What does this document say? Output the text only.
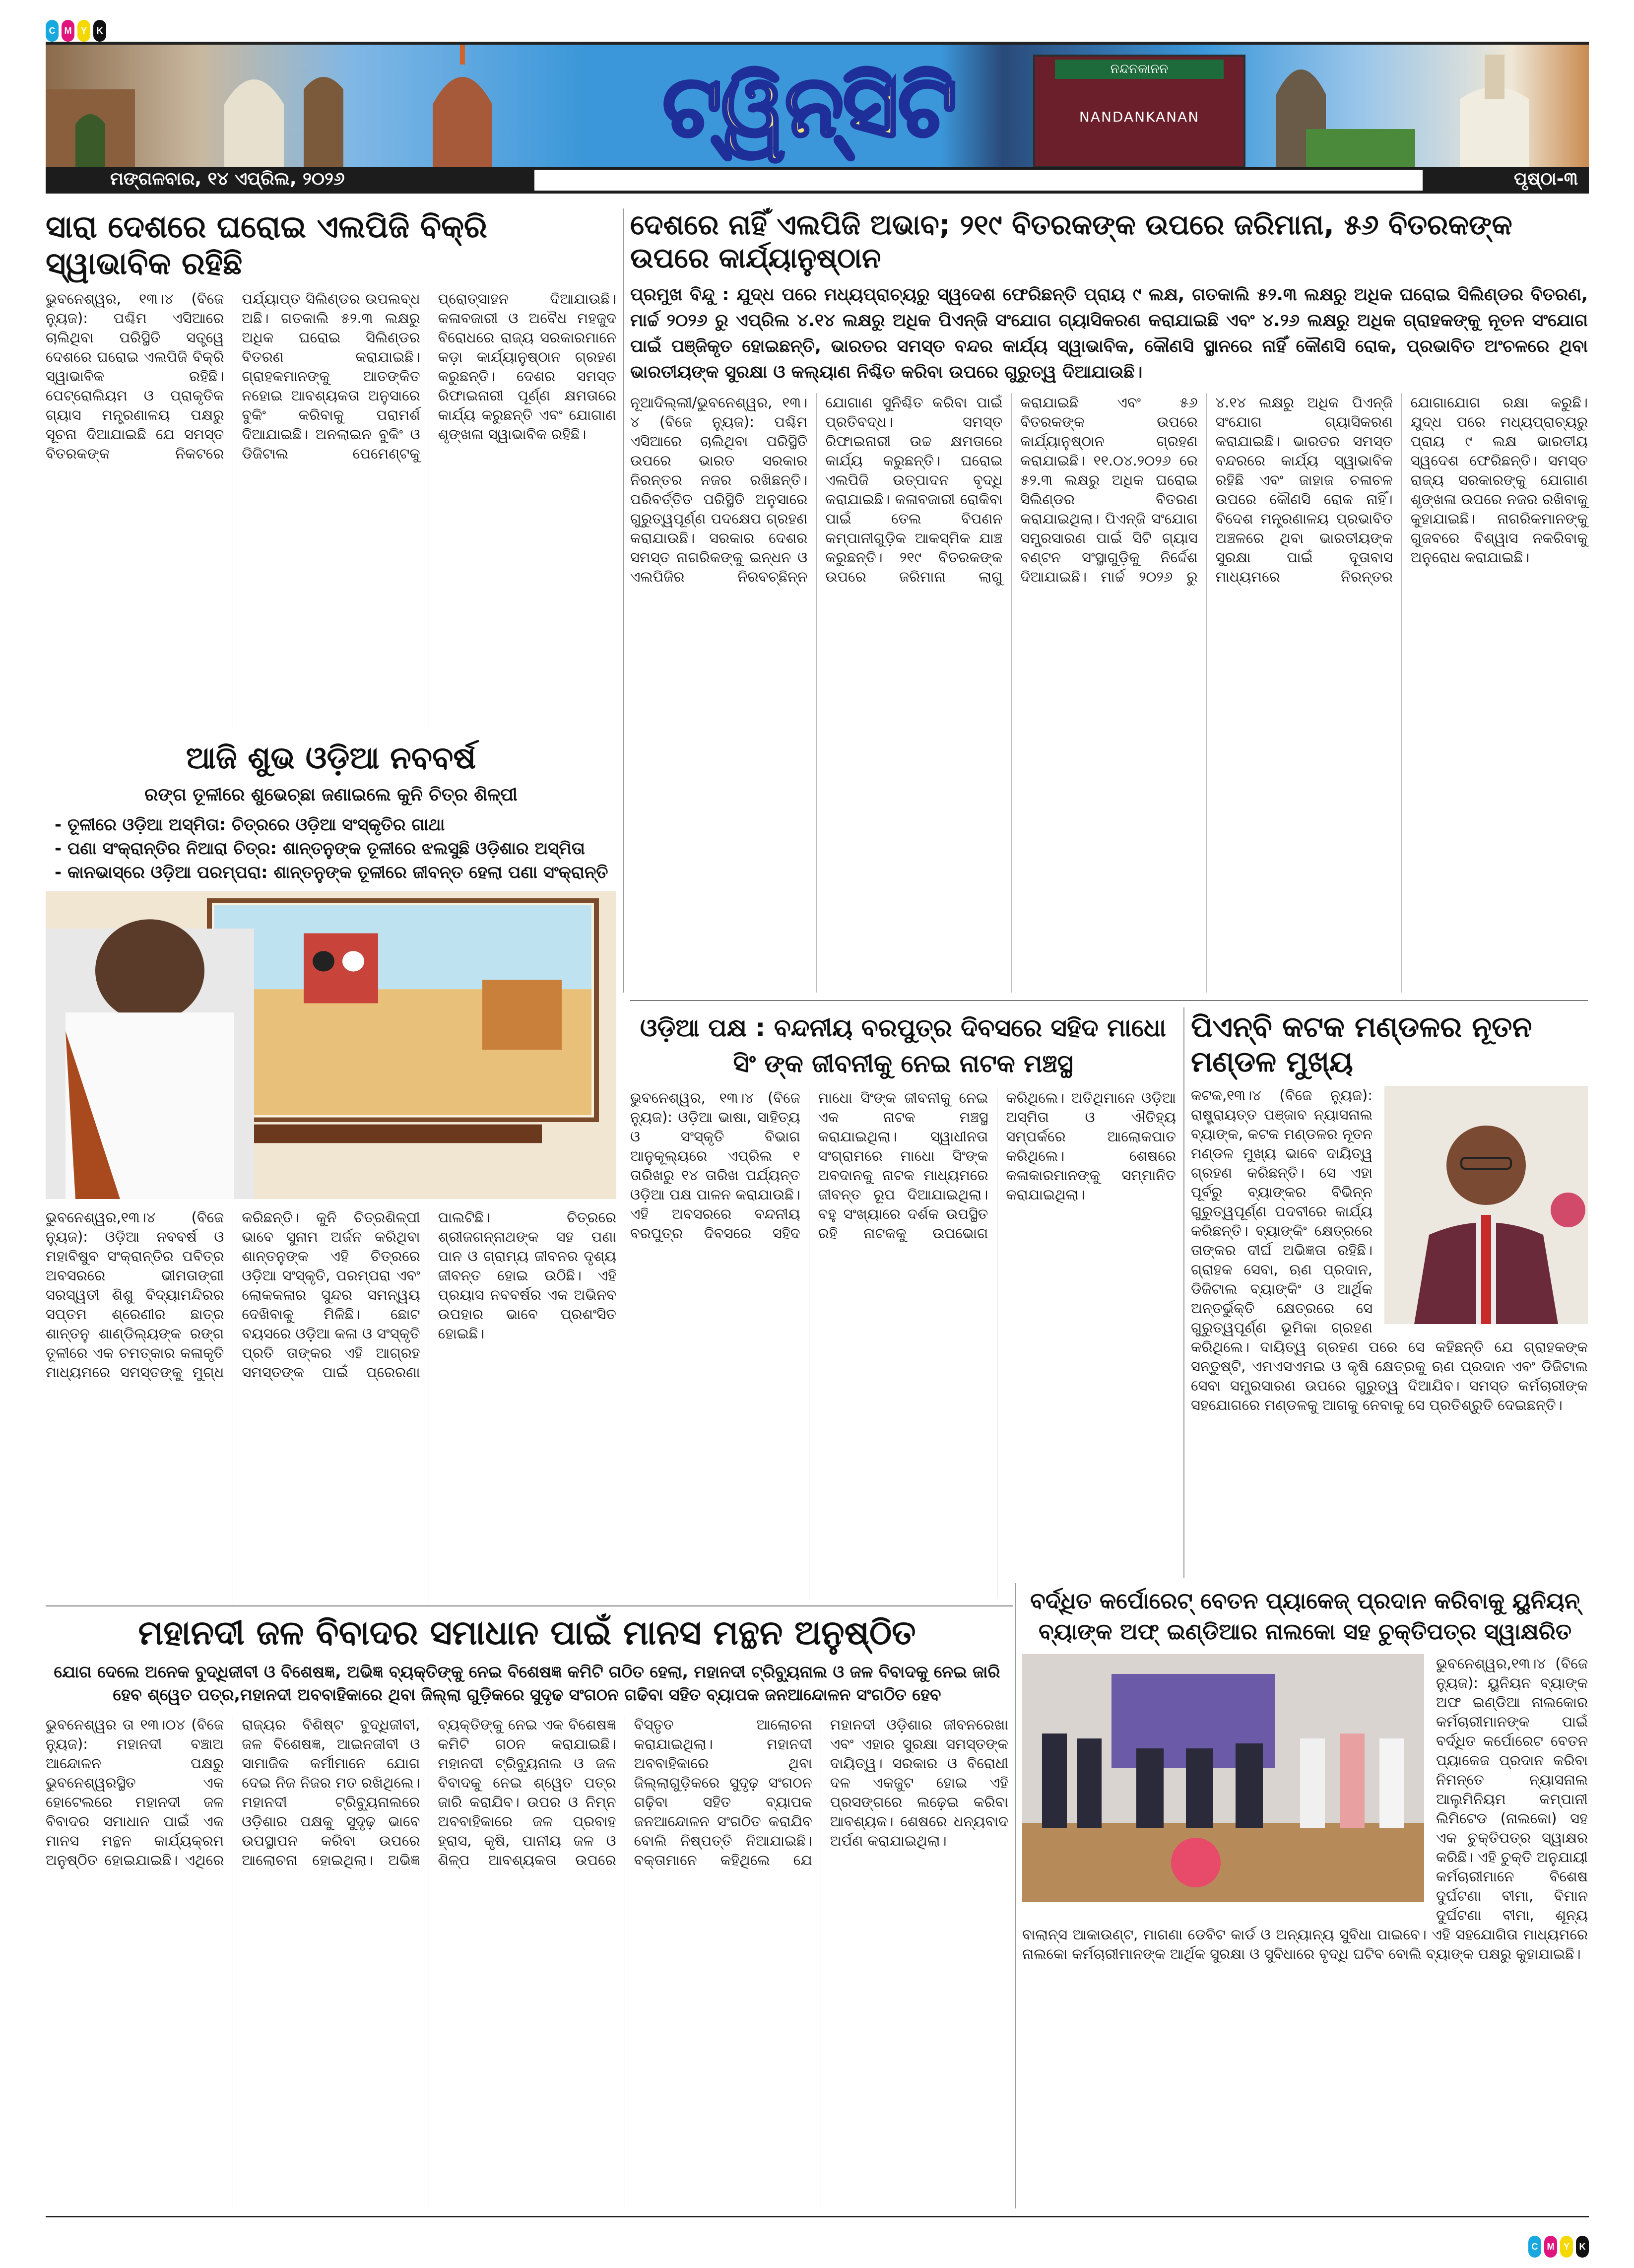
C	M	Y	K
ଟ୍ୱିନ୍‌ସିଟି	ନନ୍ଦନକାନନ
NANDANKANAN
ମଙ୍ଗଳବାର, ୧୪ ଏପ୍ରିଲ, ୨୦୨୬	ପୃଷ୍ଠା-୩
ସାରା ଦେଶରେ ଘରୋଇ ଏଲପିଜି ବିକ୍ରି ସ୍ୱାଭାବିକ ରହିଛି
ଭୁବନେଶ୍ୱର, ୧୩।୪ (ବିଜେ ନ୍ୟୁଜ): ପଶ୍ଚିମ ଏସିଆରେ ଚାଲିଥିବା ପରିସ୍ଥିତି ସତ୍ତ୍ୱେ ଦେଶରେ ଘରୋଇ ଏଲପିଜି ବିକ୍ରି ସ୍ୱାଭାବିକ ରହିଛି। ପେଟ୍ରୋଲିୟମ ଓ ପ୍ରାକୃତିକ ଗ୍ୟାସ ମନ୍ତ୍ରଣାଳୟ ପକ୍ଷରୁ ସୂଚନା ଦିଆଯାଇଛି ଯେ ସମସ୍ତ ବିତରକଙ୍କ ନିକଟରେ ପର୍ଯ୍ୟାପ୍ତ ସିଲିଣ୍ଡର ଉପଲବ୍ଧ ଅଛି। ଗତକାଲି ୫୨.୩ ଲକ୍ଷରୁ ଅଧିକ ଘରୋଇ ସିଲିଣ୍ଡର ବିତରଣ କରାଯାଇଛି। ଗ୍ରାହକମାନଙ୍କୁ ଆତଙ୍କିତ ନହୋଇ ଆବଶ୍ୟକତା ଅନୁସାରେ ବୁକିଂ କରିବାକୁ ପରାମର୍ଶ ଦିଆଯାଇଛି। ଅନଲାଇନ ବୁକିଂ ଓ ଡିଜିଟାଲ ପେମେଣ୍ଟକୁ ପ୍ରୋତ୍ସାହନ ଦିଆଯାଉଛି। କଳାବଜାରୀ ଓ ଅବୈଧ ମହଜୁଦ ବିରୋଧରେ ରାଜ୍ୟ ସରକାରମାନେ କଡ଼ା କାର୍ଯ୍ୟାନୁଷ୍ଠାନ ଗ୍ରହଣ କରୁଛନ୍ତି। ଦେଶର ସମସ୍ତ ରିଫାଇନାରୀ ପୂର୍ଣ୍ଣ କ୍ଷମତାରେ କାର୍ଯ୍ୟ କରୁଛନ୍ତି ଏବଂ ଯୋଗାଣ ଶୃଙ୍ଖଳା ସ୍ୱାଭାବିକ ରହିଛି।
ଦେଶରେ ନାହିଁ ଏଲପିଜି ଅଭାବ; ୨୧୯ ବିତରକଙ୍କ ଉପରେ ଜରିମାନା, ୫୬ ବିତରକଙ୍କ ଉପରେ କାର୍ଯ୍ୟାନୁଷ୍ଠାନ
ପ୍ରମୁଖ ବିନ୍ଦୁ : ଯୁଦ୍ଧ ପରେ ମଧ୍ୟପ୍ରାଚ୍ୟରୁ ସ୍ୱଦେଶ ଫେରିଛନ୍ତି ପ୍ରାୟ ୯ ଲକ୍ଷ, ଗତକାଲି ୫୨.୩ ଲକ୍ଷରୁ ଅଧିକ ଘରୋଇ ସିଲିଣ୍ଡର ବିତରଣ, ମାର୍ଚ୍ଚ ୨୦୨୬ ରୁ ଏପ୍ରିଲ ୪.୧୪ ଲକ୍ଷରୁ ଅଧିକ ପିଏନ୍‌ଜି ସଂଯୋଗ ଗ୍ୟାସିକରଣ କରାଯାଇଛି ଏବଂ ୪.୨୬ ଲକ୍ଷରୁ ଅଧିକ ଗ୍ରାହକଙ୍କୁ ନୂତନ ସଂଯୋଗ ପାଇଁ ପଞ୍ଜିକୃତ ହୋଇଛନ୍ତି, ଭାରତର ସମସ୍ତ ବନ୍ଦର କାର୍ଯ୍ୟ ସ୍ୱାଭାବିକ, କୌଣସି ସ୍ଥାନରେ ନାହିଁ କୌଣସି ରୋକ, ପ୍ରଭାବିତ ଅଂଚଳରେ ଥିବା ଭାରତୀୟଙ୍କ ସୁରକ୍ଷା ଓ କଲ୍ୟାଣ ନିଶ୍ଚିତ କରିବା ଉପରେ ଗୁରୁତ୍ୱ ଦିଆଯାଉଛି।
ନୂଆଦିଲ୍ଲୀ/ଭୁବନେଶ୍ୱର, ୧୩।୪ (ବିଜେ ନ୍ୟୁଜ): ପଶ୍ଚିମ ଏସିଆରେ ଚାଲିଥିବା ପରିସ୍ଥିତି ଉପରେ ଭାରତ ସରକାର ନିରନ୍ତର ନଜର ରଖିଛନ୍ତି। ପରିବର୍ତ୍ତିତ ପରିସ୍ଥିତି ଅନୁସାରେ ଗୁରୁତ୍ୱପୂର୍ଣ୍ଣ ପଦକ୍ଷେପ ଗ୍ରହଣ କରାଯାଉଛି। ସରକାର ଦେଶର ସମସ୍ତ ନାଗରିକଙ୍କୁ ଇନ୍ଧନ ଓ ଏଲପିଜିର ନିରବଚ୍ଛିନ୍ନ ଯୋଗାଣ ସୁନିଶ୍ଚିତ କରିବା ପାଇଁ ପ୍ରତିବଦ୍ଧ। ସମସ୍ତ ରିଫାଇନାରୀ ଉଚ୍ଚ କ୍ଷମତାରେ କାର୍ଯ୍ୟ କରୁଛନ୍ତି। ଘରୋଇ ଏଲପିଜି ଉତ୍ପାଦନ ବୃଦ୍ଧି କରାଯାଇଛି। କଳାବଜାରୀ ରୋକିବା ପାଇଁ ତେଲ ବିପଣନ କମ୍ପାନୀଗୁଡ଼ିକ ଆକସ୍ମିକ ଯାଞ୍ଚ କରୁଛନ୍ତି। ୨୧୯ ବିତରକଙ୍କ ଉପରେ ଜରିମାନା ଲାଗୁ କରାଯାଇଛି ଏବଂ ୫୬ ବିତରକଙ୍କ ଉପରେ କାର୍ଯ୍ୟାନୁଷ୍ଠାନ ଗ୍ରହଣ କରାଯାଇଛି। ୧୧.୦୪.୨୦୨୬ ରେ ୫୨.୩ ଲକ୍ଷରୁ ଅଧିକ ଘରୋଇ ସିଲିଣ୍ଡର ବିତରଣ କରାଯାଇଥିଲା। ପିଏନ୍‌ଜି ସଂଯୋଗ ସମ୍ପ୍ରସାରଣ ପାଇଁ ସିଟି ଗ୍ୟାସ ବଣ୍ଟନ ସଂସ୍ଥାଗୁଡ଼ିକୁ ନିର୍ଦ୍ଦେଶ ଦିଆଯାଇଛି। ମାର୍ଚ୍ଚ ୨୦୨୬ ରୁ ୪.୧୪ ଲକ୍ଷରୁ ଅଧିକ ପିଏନ୍‌ଜି ସଂଯୋଗ ଗ୍ୟାସିକରଣ କରାଯାଇଛି। ଭାରତର ସମସ୍ତ ବନ୍ଦରରେ କାର୍ଯ୍ୟ ସ୍ୱାଭାବିକ ରହିଛି ଏବଂ ଜାହାଜ ଚଳାଚଳ ଉପରେ କୌଣସି ରୋକ ନାହିଁ। ବିଦେଶ ମନ୍ତ୍ରଣାଳୟ ପ୍ରଭାବିତ ଅଞ୍ଚଳରେ ଥିବା ଭାରତୀୟଙ୍କ ସୁରକ୍ଷା ପାଇଁ ଦୂତାବାସ ମାଧ୍ୟମରେ ନିରନ୍ତର ଯୋଗାଯୋଗ ରକ୍ଷା କରୁଛି। ଯୁଦ୍ଧ ପରେ ମଧ୍ୟପ୍ରାଚ୍ୟରୁ ପ୍ରାୟ ୯ ଲକ୍ଷ ଭାରତୀୟ ସ୍ୱଦେଶ ଫେରିଛନ୍ତି। ସମସ୍ତ ରାଜ୍ୟ ସରକାରଙ୍କୁ ଯୋଗାଣ ଶୃଙ୍ଖଳା ଉପରେ ନଜର ରଖିବାକୁ କୁହାଯାଇଛି। ନାଗରିକମାନଙ୍କୁ ଗୁଜବରେ ବିଶ୍ୱାସ ନକରିବାକୁ ଅନୁରୋଧ କରାଯାଇଛି।
ଆଜି ଶୁଭ ଓଡ଼ିଆ ନବବର୍ଷ
ରଙ୍ଗ ତୂଳୀରେ ଶୁଭେଚ୍ଛା ଜଣାଇଲେ କୁନି ଚିତ୍ର ଶିଳ୍ପୀ
- ତୂଳୀରେ ଓଡ଼ିଆ ଅସ୍ମିତା: ଚିତ୍ରରେ ଓଡ଼ିଆ ସଂସ୍କୃତିର ଗାଥା
- ପଣା ସଂକ୍ରାନ୍ତିର ନିଆରା ଚିତ୍ର: ଶାନ୍ତନୁଙ୍କ ତୂଳୀରେ ଝଲସୁଛି ଓଡ଼ିଶାର ଅସ୍ମିତା
- କାନଭାସ୍‌ରେ ଓଡ଼ିଆ ପରମ୍ପରା: ଶାନ୍ତନୁଙ୍କ ତୂଳୀରେ ଜୀବନ୍ତ ହେଲା ପଣା ସଂକ୍ରାନ୍ତି
ଭୁବନେଶ୍ୱର,୧୩।୪ (ବିଜେ ନ୍ୟୁଜ): ଓଡ଼ିଆ ନବବର୍ଷ ଓ ମହାବିଷୁବ ସଂକ୍ରାନ୍ତିର ପବିତ୍ର ଅବସରରେ ଭୀମତାଙ୍ଗୀ ସରସ୍ୱତୀ ଶିଶୁ ବିଦ୍ୟାମନ୍ଦିରର ସପ୍ତମ ଶ୍ରେଣୀର ଛାତ୍ର ଶାନ୍ତନୁ ଶାଣ୍ଡିଲ୍ୟଙ୍କ ରଙ୍ଗ ତୂଳୀରେ ଏକ ଚମତ୍କାର କଳାକୃତି ମାଧ୍ୟମରେ ସମସ୍ତଙ୍କୁ ମୁଗ୍ଧ କରିଛନ୍ତି। କୁନି ଚିତ୍ରଶିଳ୍ପୀ ଭାବେ ସୁନାମ ଅର୍ଜନ କରିଥିବା ଶାନ୍ତନୁଙ୍କ ଏହି ଚିତ୍ରରେ ଓଡ଼ିଆ ସଂସ୍କୃତି, ପରମ୍ପରା ଏବଂ ଲୋକକଳାର ସୁନ୍ଦର ସମନ୍ୱୟ ଦେଖିବାକୁ ମିଳିଛି। ଛୋଟ ବୟସରେ ଓଡ଼ିଆ କଳା ଓ ସଂସ୍କୃତି ପ୍ରତି ତାଙ୍କର ଏହି ଆଗ୍ରହ ସମସ୍ତଙ୍କ ପାଇଁ ପ୍ରେରଣା ପାଲଟିଛି। ଚିତ୍ରରେ ଶ୍ରୀଜଗନ୍ନାଥଙ୍କ ସହ ପଣା ପାନ ଓ ଗ୍ରାମ୍ୟ ଜୀବନର ଦୃଶ୍ୟ ଜୀବନ୍ତ ହୋଇ ଉଠିଛି। ଏହି ପ୍ରୟାସ ନବବର୍ଷର ଏକ ଅଭିନବ ଉପହାର ଭାବେ ପ୍ରଶଂସିତ ହୋଇଛି।
ଓଡ଼ିଆ ପକ୍ଷ : ବନ୍ଦନୀୟ ବରପୁତ୍ର ଦିବସରେ ସହିଦ ମାଧୋ ସିଂ ଙ୍କ ଜୀବନୀକୁ ନେଇ ନାଟକ ମଞ୍ଚସ୍ଥ
ଭୁବନେଶ୍ୱର, ୧୩।୪ (ବିଜେ ନ୍ୟୁଜ): ଓଡ଼ିଆ ଭାଷା, ସାହିତ୍ୟ ଓ ସଂସ୍କୃତି ବିଭାଗ ଆନୁକୂଲ୍ୟରେ ଏପ୍ରିଲ ୧ ତାରିଖରୁ ୧୪ ତାରିଖ ପର୍ଯ୍ୟନ୍ତ ଓଡ଼ିଆ ପକ୍ଷ ପାଳନ କରାଯାଉଛି। ଏହି ଅବସରରେ ବନ୍ଦନୀୟ ବରପୁତ୍ର ଦିବସରେ ସହିଦ ମାଧୋ ସିଂଙ୍କ ଜୀବନୀକୁ ନେଇ ଏକ ନାଟକ ମଞ୍ଚସ୍ଥ କରାଯାଇଥିଲା। ସ୍ୱାଧୀନତା ସଂଗ୍ରାମରେ ମାଧୋ ସିଂଙ୍କ ଅବଦାନକୁ ନାଟକ ମାଧ୍ୟମରେ ଜୀବନ୍ତ ରୂପ ଦିଆଯାଇଥିଲା। ବହୁ ସଂଖ୍ୟାରେ ଦର୍ଶକ ଉପସ୍ଥିତ ରହି ନାଟକକୁ ଉପଭୋଗ କରିଥିଲେ। ଅତିଥିମାନେ ଓଡ଼ିଆ ଅସ୍ମିତା ଓ ଐତିହ୍ୟ ସମ୍ପର୍କରେ ଆଲୋକପାତ କରିଥିଲେ। ଶେଷରେ କଳାକାରମାନଙ୍କୁ ସମ୍ମାନିତ କରାଯାଇଥିଲା।
ପିଏନ୍‌ବି କଟକ ମଣ୍ଡଳର ନୂତନ ମଣ୍ଡଳ ମୁଖ୍ୟ
କଟକ,୧୩।୪ (ବିଜେ ନ୍ୟୁଜ): ରାଷ୍ଟ୍ରାୟତ୍ତ ପଞ୍ଜାବ ନ୍ୟାସନାଲ ବ୍ୟାଙ୍କ, କଟକ ମଣ୍ଡଳର ନୂତନ ମଣ୍ଡଳ ମୁଖ୍ୟ ଭାବେ ଦାୟିତ୍ୱ ଗ୍ରହଣ କରିଛନ୍ତି। ସେ ଏହା ପୂର୍ବରୁ ବ୍ୟାଙ୍କର ବିଭିନ୍ନ ଗୁରୁତ୍ୱପୂର୍ଣ୍ଣ ପଦବୀରେ କାର୍ଯ୍ୟ କରିଛନ୍ତି। ବ୍ୟାଙ୍କିଂ କ୍ଷେତ୍ରରେ ତାଙ୍କର ଦୀର୍ଘ ଅଭିଜ୍ଞତା ରହିଛି। ଗ୍ରାହକ ସେବା, ଋଣ ପ୍ରଦାନ, ଡିଜିଟାଲ ବ୍ୟାଙ୍କିଂ ଓ ଆର୍ଥିକ ଅନ୍ତର୍ଭୁକ୍ତି କ୍ଷେତ୍ରରେ ସେ ଗୁରୁତ୍ୱପୂର୍ଣ୍ଣ ଭୂମିକା ଗ୍ରହଣ କରିଥିଲେ। ଦାୟିତ୍ୱ ଗ୍ରହଣ ପରେ ସେ କହିଛନ୍ତି ଯେ ଗ୍ରାହକଙ୍କ ସନ୍ତୁଷ୍ଟି, ଏମଏସଏମଇ ଓ କୃଷି କ୍ଷେତ୍ରକୁ ଋଣ ପ୍ରଦାନ ଏବଂ ଡିଜିଟାଲ ସେବା ସମ୍ପ୍ରସାରଣ ଉପରେ ଗୁରୁତ୍ୱ ଦିଆଯିବ। ସମସ୍ତ କର୍ମଚାରୀଙ୍କ ସହଯୋଗରେ ମଣ୍ଡଳକୁ ଆଗକୁ ନେବାକୁ ସେ ପ୍ରତିଶ୍ରୁତି ଦେଇଛନ୍ତି।
ମହାନଦୀ ଜଳ ବିବାଦର ସମାଧାନ ପାଇଁ ମାନସ ମନ୍ଥନ ଅନୁଷ୍ଠିତ
ଯୋଗ ଦେଲେ ଅନେକ ବୁଦ୍ଧିଜୀବୀ ଓ ବିଶେଷଜ୍ଞ, ଅଭିଜ୍ଞ ବ୍ୟକ୍ତିଙ୍କୁ ନେଇ ବିଶେଷଜ୍ଞ କମିଟି ଗଠିତ ହେଲା, ମହାନଦୀ ଟ୍ରିବ୍ୟୁନାଲ ଓ ଜଳ ବିବାଦକୁ ନେଇ ଜାରି ହେବ ଶ୍ୱେତ ପତ୍ର,ମହାନଦୀ ଅବବାହିକାରେ ଥିବା ଜିଲ୍ଲା ଗୁଡ଼ିକରେ ସୁଦୃଢ ସଂଗଠନ ଗଢିବା ସହିତ ବ୍ୟାପକ ଜନଆନ୍ଦୋଳନ ସଂଗଠିତ ହେବ
ଭୁବନେଶ୍ୱର ତା ୧୩।୦୪ (ବିଜେ ନ୍ୟୁଜ): ମହାନଦୀ ବଞ୍ଚାଅ ଆନ୍ଦୋଳନ ପକ୍ଷରୁ ଭୁବନେଶ୍ୱରସ୍ଥିତ ଏକ ହୋଟେଲରେ ମହାନଦୀ ଜଳ ବିବାଦର ସମାଧାନ ପାଇଁ ଏକ ମାନସ ମନ୍ଥନ କାର୍ଯ୍ୟକ୍ରମ ଅନୁଷ୍ଠିତ ହୋଇଯାଇଛି। ଏଥିରେ ରାଜ୍ୟର ବିଶିଷ୍ଟ ବୁଦ୍ଧିଜୀବୀ, ଜଳ ବିଶେଷଜ୍ଞ, ଆଇନଜୀବୀ ଓ ସାମାଜିକ କର୍ମୀମାନେ ଯୋଗ ଦେଇ ନିଜ ନିଜର ମତ ରଖିଥିଲେ। ମହାନଦୀ ଟ୍ରିବ୍ୟୁନାଲରେ ଓଡ଼ିଶାର ପକ୍ଷକୁ ସୁଦୃଢ଼ ଭାବେ ଉପସ୍ଥାପନ କରିବା ଉପରେ ଆଲୋଚନା ହୋଇଥିଲା। ଅଭିଜ୍ଞ ବ୍ୟକ୍ତିଙ୍କୁ ନେଇ ଏକ ବିଶେଷଜ୍ଞ କମିଟି ଗଠନ କରାଯାଇଛି। ମହାନଦୀ ଟ୍ରିବ୍ୟୁନାଲ ଓ ଜଳ ବିବାଦକୁ ନେଇ ଶ୍ୱେତ ପତ୍ର ଜାରି କରାଯିବ। ଉପର ଓ ନିମ୍ନ ଅବବାହିକାରେ ଜଳ ପ୍ରବାହ ହ୍ରାସ, କୃଷି, ପାନୀୟ ଜଳ ଓ ଶିଳ୍ପ ଆବଶ୍ୟକତା ଉପରେ ବିସ୍ତୃତ ଆଲୋଚନା କରାଯାଇଥିଲା। ମହାନଦୀ ଅବବାହିକାରେ ଥିବା ଜିଲ୍ଲାଗୁଡ଼ିକରେ ସୁଦୃଢ଼ ସଂଗଠନ ଗଢ଼ିବା ସହିତ ବ୍ୟାପକ ଜନଆନ୍ଦୋଳନ ସଂଗଠିତ କରାଯିବ ବୋଲି ନିଷ୍ପତ୍ତି ନିଆଯାଇଛି। ବକ୍ତାମାନେ କହିଥିଲେ ଯେ ମହାନଦୀ ଓଡ଼ିଶାର ଜୀବନରେଖା ଏବଂ ଏହାର ସୁରକ୍ଷା ସମସ୍ତଙ୍କ ଦାୟିତ୍ୱ। ସରକାର ଓ ବିରୋଧୀ ଦଳ ଏକଜୁଟ ହୋଇ ଏହି ପ୍ରସଙ୍ଗରେ ଲଢ଼େଇ କରିବା ଆବଶ୍ୟକ। ଶେଷରେ ଧନ୍ୟବାଦ ଅର୍ପଣ କରାଯାଇଥିଲା।
ବର୍ଦ୍ଧିତ କର୍ପୋରେଟ୍ ବେତନ ପ୍ୟାକେଜ୍ ପ୍ରଦାନ କରିବାକୁ ୟୁନିୟନ୍ ବ୍ୟାଙ୍କ ଅଫ୍ ଇଣ୍ଡିଆର ନାଲକୋ ସହ ଚୁକ୍ତିପତ୍ର ସ୍ୱାକ୍ଷରିତ
ଭୁବନେଶ୍ୱର,୧୩।୪ (ବିଜେ ନ୍ୟୁଜ): ୟୁନିୟନ ବ୍ୟାଙ୍କ ଅଫ ଇଣ୍ଡିଆ ନାଲକୋର କର୍ମଚାରୀମାନଙ୍କ ପାଇଁ ବର୍ଦ୍ଧିତ କର୍ପୋରେଟ ବେତନ ପ୍ୟାକେଜ ପ୍ରଦାନ କରିବା ନିମନ୍ତେ ନ୍ୟାସନାଲ ଆଲୁମିନିୟମ କମ୍ପାନୀ ଲିମିଟେଡ (ନାଲକୋ) ସହ ଏକ ଚୁକ୍ତିପତ୍ର ସ୍ୱାକ୍ଷର କରିଛି। ଏହି ଚୁକ୍ତି ଅନୁଯାୟୀ କର୍ମଚାରୀମାନେ ବିଶେଷ ଦୁର୍ଘଟଣା ବୀମା, ବିମାନ ଦୁର୍ଘଟଣା ବୀମା, ଶୂନ୍ୟ ବାଲାନ୍ସ ଆକାଉଣ୍ଟ, ମାଗଣା ଡେବିଟ କାର୍ଡ ଓ ଅନ୍ୟାନ୍ୟ ସୁବିଧା ପାଇବେ। ଏହି ସହଯୋଗିତା ମାଧ୍ୟମରେ ନାଲକୋ କର୍ମଚାରୀମାନଙ୍କ ଆର୍ଥିକ ସୁରକ୍ଷା ଓ ସୁବିଧାରେ ବୃଦ୍ଧି ଘଟିବ ବୋଲି ବ୍ୟାଙ୍କ ପକ୍ଷରୁ କୁହାଯାଇଛି।
C	M	Y	K
